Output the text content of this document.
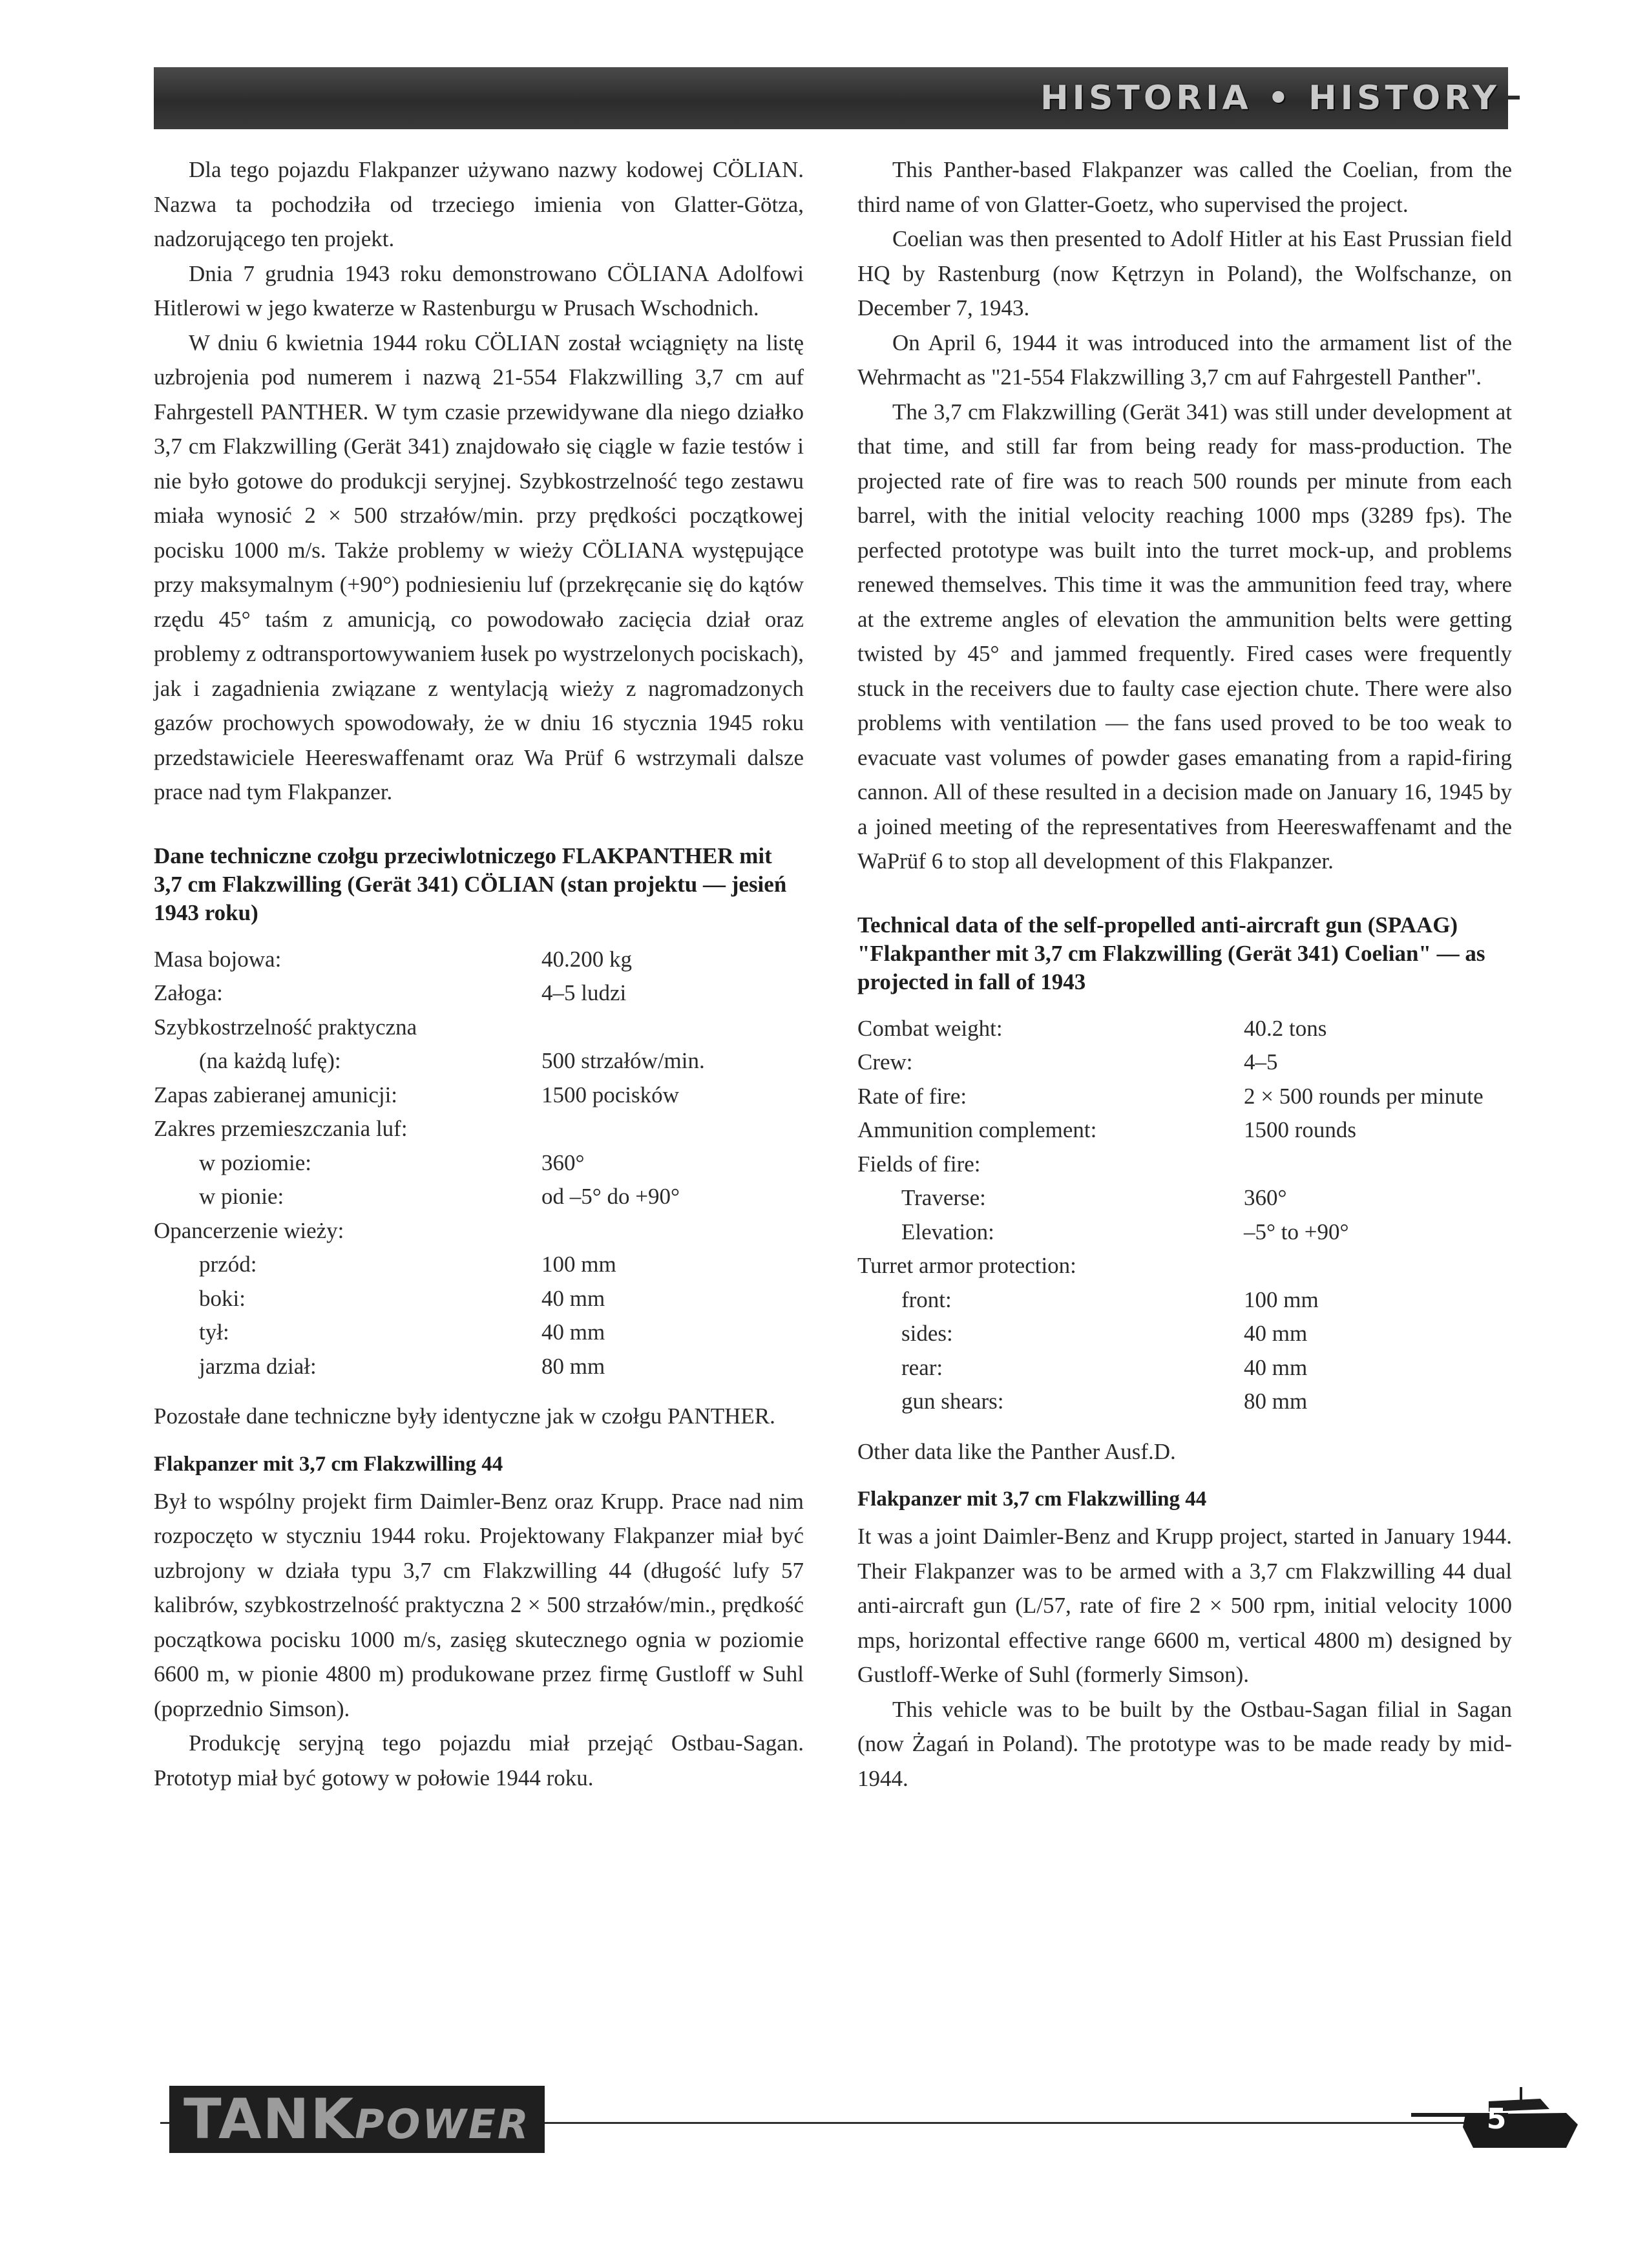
HISTORIA • HISTORY

Dla tego pojazdu Flakpanzer używano nazwy kodowej CÖLIAN. Nazwa ta pochodziła od trzeciego imienia von Glatter-Götza, nadzorującego ten projekt.

Dnia 7 grudnia 1943 roku demonstrowano CÖLIANA Adolfowi Hitlerowi w jego kwaterze w Rastenburgu w Prusach Wschodnich.

W dniu 6 kwietnia 1944 roku CÖLIAN został wciągnięty na listę uzbrojenia pod numerem i nazwą 21-554 Flakzwilling 3,7 cm auf Fahrgestell PANTHER. W tym czasie przewidywane dla niego działko 3,7 cm Flakzwilling (Gerät 341) znajdowało się ciągle w fazie testów i nie było gotowe do produkcji seryjnej. Szybkostrzelność tego zestawu miała wynosić 2 × 500 strzałów/min. przy prędkości początkowej pocisku 1000 m/s. Także problemy w wieży CÖLIANA występujące przy maksymalnym (+90°) podniesieniu luf (przekręcanie się do kątów rzędu 45° taśm z amunicją, co powodowało zacięcia dział oraz problemy z odtransportowywaniem łusek po wystrzelonych pociskach), jak i zagadnienia związane z wentylacją wieży z nagromadzonych gazów prochowych spowodowały, że w dniu 16 stycznia 1945 roku przedstawiciele Heereswaffenamt oraz Wa Prüf 6 wstrzymali dalsze prace nad tym Flakpanzer.

Dane techniczne czołgu przeciwlotniczego FLAKPANTHER mit 3,7 cm Flakzwilling (Gerät 341) CÖLIAN (stan projektu — jesień 1943 roku)
Masa bojowa:	40.200 kg
Załoga:	4–5 ludzi
Szybkostrzelność praktyczna	
(na każdą lufę):	500 strzałów/min.
Zapas zabieranej amunicji:	1500 pocisków
Zakres przemieszczania luf:	
w poziomie:	360°
w pionie:	od –5° do +90°
Opancerzenie wieży:	
przód:	100 mm
boki:	40 mm
tył:	40 mm
jarzma dział:	80 mm

Pozostałe dane techniczne były identyczne jak w czołgu PANTHER.

Flakpanzer mit 3,7 cm Flakzwilling 44

Był to wspólny projekt firm Daimler-Benz oraz Krupp. Prace nad nim rozpoczęto w styczniu 1944 roku. Projektowany Flakpanzer miał być uzbrojony w działa typu 3,7 cm Flakzwilling 44 (długość lufy 57 kalibrów, szybkostrzelność praktyczna 2 × 500 strzałów/min., prędkość początkowa pocisku 1000 m/s, zasięg skutecznego ognia w poziomie 6600 m, w pionie 4800 m) produkowane przez firmę Gustloff w Suhl (poprzednio Simson).

Produkcję seryjną tego pojazdu miał przejąć Ostbau-Sagan. Prototyp miał być gotowy w połowie 1944 roku.

This Panther-based Flakpanzer was called the Coelian, from the third name of von Glatter-Goetz, who supervised the project.

Coelian was then presented to Adolf Hitler at his East Prussian field HQ by Rastenburg (now Kętrzyn in Poland), the Wolfschanze, on December 7, 1943.

On April 6, 1944 it was introduced into the armament list of the Wehrmacht as "21-554 Flakzwilling 3,7 cm auf Fahrgestell Panther".

The 3,7 cm Flakzwilling (Gerät 341) was still under development at that time, and still far from being ready for mass-production. The projected rate of fire was to reach 500 rounds per minute from each barrel, with the initial velocity reaching 1000 mps (3289 fps). The perfected prototype was built into the turret mock-up, and problems renewed themselves. This time it was the ammunition feed tray, where at the extreme angles of elevation the ammunition belts were getting twisted by 45° and jammed frequently. Fired cases were frequently stuck in the receivers due to faulty case ejection chute. There were also problems with ventilation — the fans used proved to be too weak to evacuate vast volumes of powder gases emanating from a rapid-firing cannon. All of these resulted in a decision made on January 16, 1945 by a joined meeting of the representatives from Heereswaffenamt and the WaPrüf 6 to stop all development of this Flakpanzer.

Technical data of the self-propelled anti-aircraft gun (SPAAG) "Flakpanther mit 3,7 cm Flakzwilling (Gerät 341) Coelian" — as projected in fall of 1943
Combat weight:	40.2 tons
Crew:	4–5
Rate of fire:	2 × 500 rounds per minute
Ammunition complement:	1500 rounds
Fields of fire:	
Traverse:	360°
Elevation:	–5° to +90°
Turret armor protection:	
front:	100 mm
sides:	40 mm
rear:	40 mm
gun shears:	80 mm

Other data like the Panther Ausf.D.

Flakpanzer mit 3,7 cm Flakzwilling 44

It was a joint Daimler-Benz and Krupp project, started in January 1944. Their Flakpanzer was to be armed with a 3,7 cm Flakzwilling 44 dual anti-aircraft gun (L/57, rate of fire 2 × 500 rpm, initial velocity 1000 mps, horizontal effective range 6600 m, vertical 4800 m) designed by Gustloff-Werke of Suhl (formerly Simson).

This vehicle was to be built by the Ostbau-Sagan filial in Sagan (now Żagań in Poland). The prototype was to be made ready by mid-1944.

TANKPOWER	5
